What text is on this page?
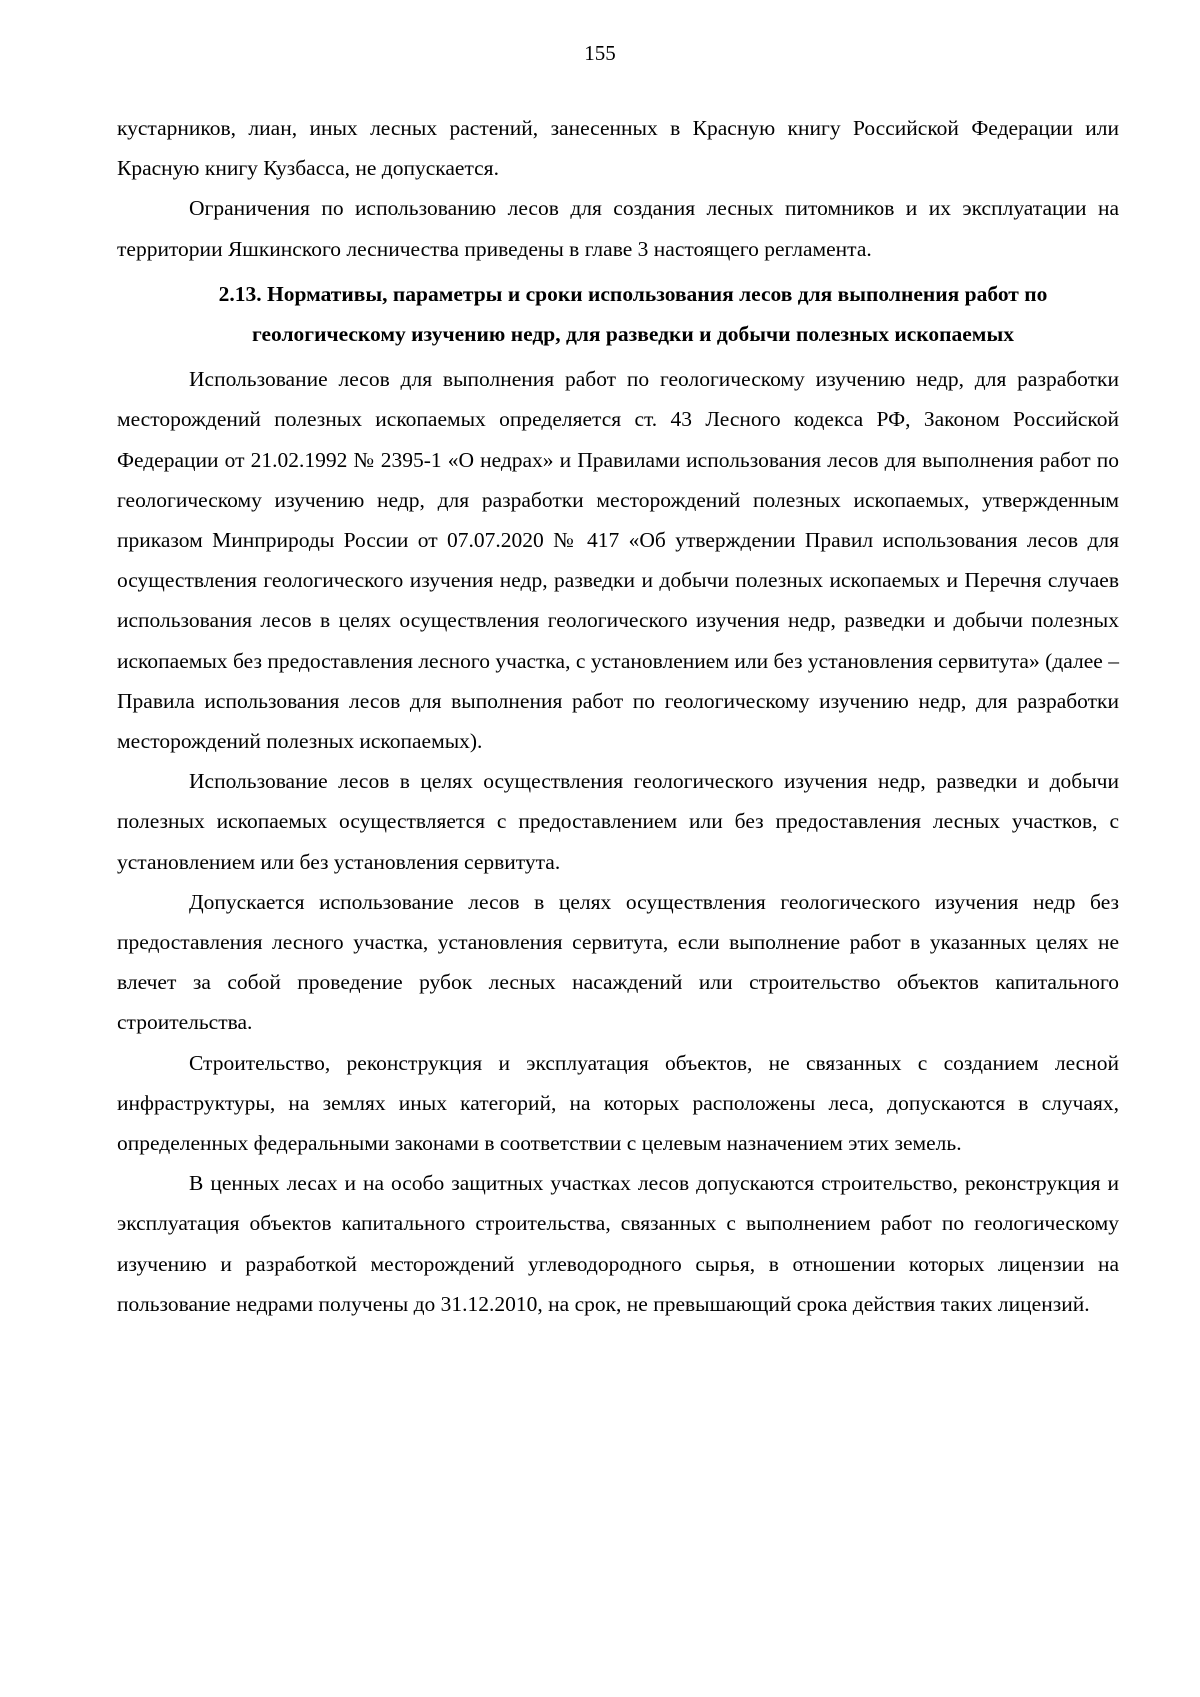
155

кустарников, лиан, иных лесных растений, занесенных в Красную книгу Российской Федерации или Красную книгу Кузбасса, не допускается.

Ограничения по использованию лесов для создания лесных питомников и их эксплуатации на территории Яшкинского лесничества приведены в главе 3 настоящего регламента.

2.13. Нормативы, параметры и сроки использования лесов для выполнения работ по геологическому изучению недр, для разведки и добычи полезных ископаемых

Использование лесов для выполнения работ по геологическому изучению недр, для разработки месторождений полезных ископаемых определяется ст. 43 Лесного кодекса РФ, Законом Российской Федерации от 21.02.1992 № 2395-1 «О недрах» и Правилами использования лесов для выполнения работ по геологическому изучению недр, для разработки месторождений полезных ископаемых, утвержденным приказом Минприроды России от 07.07.2020 № 417 «Об утверждении Правил использования лесов для осуществления геологического изучения недр, разведки и добычи полезных ископаемых и Перечня случаев использования лесов в целях осуществления геологического изучения недр, разведки и добычи полезных ископаемых без предоставления лесного участка, с установлением или без установления сервитута» (далее – Правила использования лесов для выполнения работ по геологическому изучению недр, для разработки месторождений полезных ископаемых).

Использование лесов в целях осуществления геологического изучения недр, разведки и добычи полезных ископаемых осуществляется с предоставлением или без предоставления лесных участков, с установлением или без установления сервитута.

Допускается использование лесов в целях осуществления геологического изучения недр без предоставления лесного участка, установления сервитута, если выполнение работ в указанных целях не влечет за собой проведение рубок лесных насаждений или строительство объектов капитального строительства.

Строительство, реконструкция и эксплуатация объектов, не связанных с созданием лесной инфраструктуры, на землях иных категорий, на которых расположены леса, допускаются в случаях, определенных федеральными законами в соответствии с целевым назначением этих земель.

В ценных лесах и на особо защитных участках лесов допускаются строительство, реконструкция и эксплуатация объектов капитального строительства, связанных с выполнением работ по геологическому изучению и разработкой месторождений углеводородного сырья, в отношении которых лицензии на пользование недрами получены до 31.12.2010, на срок, не превышающий срока действия таких лицензий.
